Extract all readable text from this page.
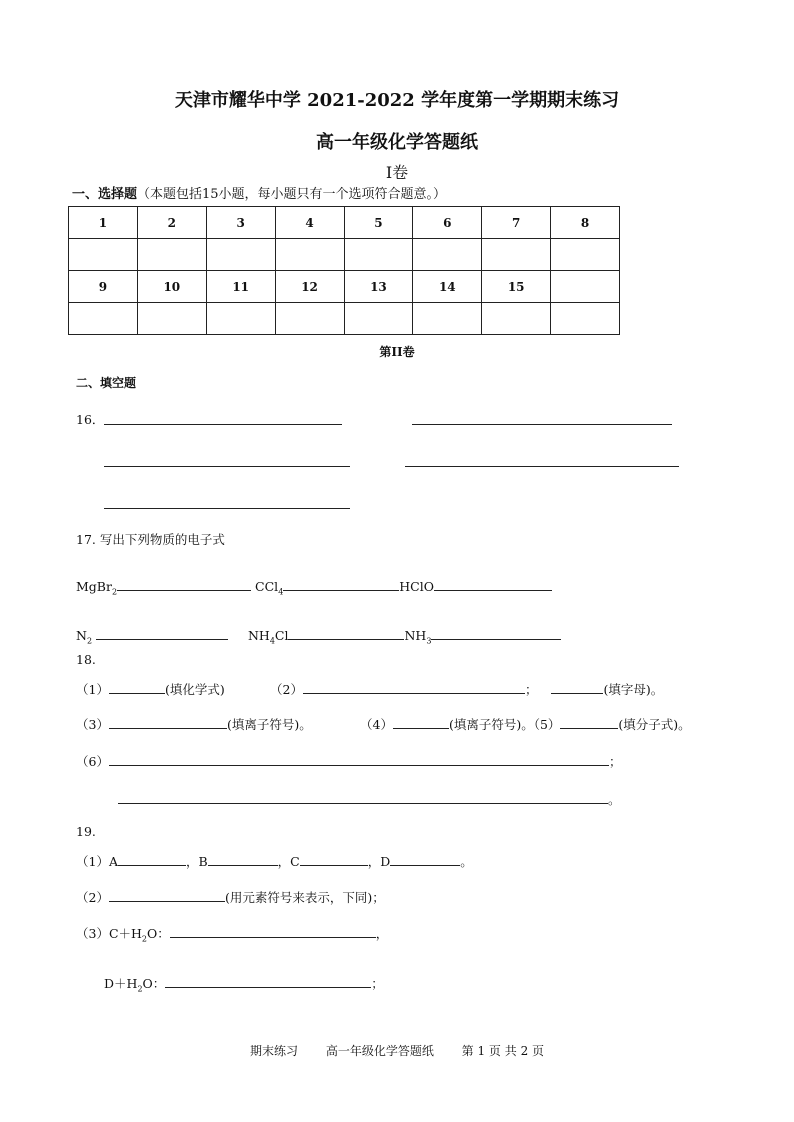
天津市耀华中学 2021-2022 学年度第一学期期末练习
高一年级化学答题纸
Ⅰ卷
一、选择题（本题包括15小题，每小题只有一个选项符合题意。）
1	2	3	4	5	6	7	8

9	10	11	12	13	14	15	

第II卷
二、填空题
16．
17. 写出下列物质的电子式
MgBr$_2$	CCl$_4$	HClO
$N_2$	$NH_4Cl$	$NH_3$
18.
（1）	(填化学式)	（2）	；	(填字母)。
（3）	(填离子符号)。	（4）	(填离子符号)。（5）	(填分子式)。
（6）	；
。
19.
（1）A	，B	，C	，D	。
（2）	(用元素符号来表示，下同)；
$(3)C+H_2O$：	，
$D+H_2O$：	；
期末练习 高一年级化学答题纸 第 1 页 共 2 页
